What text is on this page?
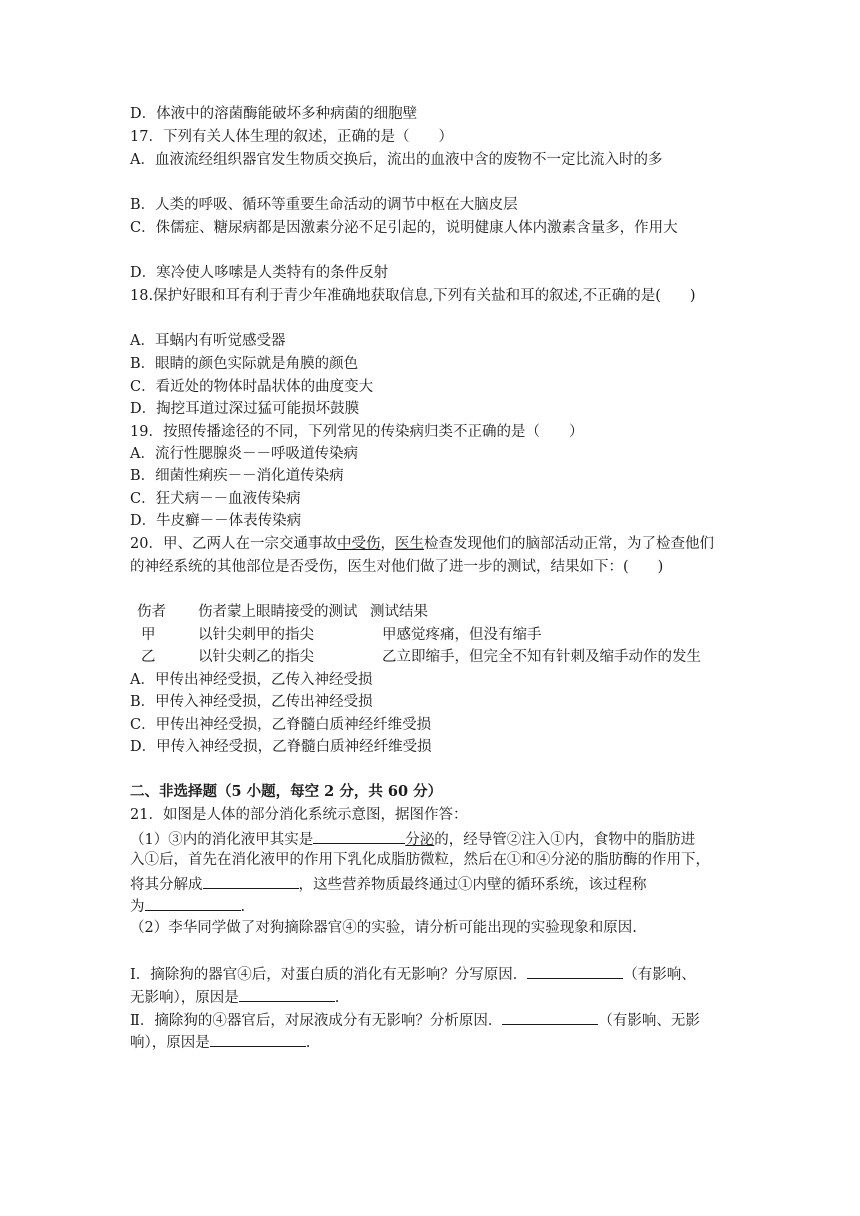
D．体液中的溶菌酶能破坏多种病菌的细胞壁
17．下列有关人体生理的叙述，正确的是（　　）
A．血液流经组织器官发生物质交换后，流出的血液中含的废物不一定比流入时的多
B．人类的呼吸、循环等重要生命活动的调节中枢在大脑皮层
C．侏儒症、糖尿病都是因激素分泌不足引起的，说明健康人体内激素含量多，作用大
D．寒冷使人哆嗦是人类特有的条件反射
18.保护好眼和耳有利于青少年准确地获取信息,下列有关盐和耳的叙述,不正确的是(　　)
A．耳蜗内有听觉感受器
B．眼睛的颜色实际就是角膜的颜色
C．看近处的物体时晶状体的曲度变大
D．掏挖耳道过深过猛可能损坏鼓膜
19．按照传播途径的不同，下列常见的传染病归类不正确的是（　　）
A．流行性腮腺炎－－呼吸道传染病
B．细菌性痢疾－－消化道传染病
C．狂犬病－－血液传染病
D．牛皮癣－－体表传染病
20．甲、乙两人在一宗交通事故中受伤，医生检查发现他们的脑部活动正常，为了检查他们
的神经系统的其他部位是否受伤，医生对他们做了进一步的测试，结果如下：(　　)
伤者 伤者蒙上眼睛接受的测试 测试结果
甲	以针尖刺甲的指尖	甲感觉疼痛，但没有缩手
乙	以针尖刺乙的指尖	乙立即缩手，但完全不知有针刺及缩手动作的发生
A．甲传出神经受损，乙传入神经受损
B．甲传入神经受损，乙传出神经受损
C．甲传出神经受损，乙脊髓白质神经纤维受损
D．甲传入神经受损，乙脊髓白质神经纤维受损
二、非选择题（5 小题，每空 2 分，共 60 分）
21．如图是人体的部分消化系统示意图，据图作答：
（1）③内的消化液甲其实是	分泌的，经导管②注入①内，食物中的脂肪进
入①后，首先在消化液甲的作用下乳化成脂肪微粒，然后在①和④分泌的脂肪酶的作用下，
将其分解成	，这些营养物质最终通过①内壁的循环系统，该过程称
为	.
（2）李华同学做了对狗摘除器官④的实验，请分析可能出现的实验现象和原因.
Ⅰ．摘除狗的器官④后，对蛋白质的消化有无影响？分写原因．	（有影响、
无影响），原因是	.
Ⅱ．摘除狗的④器官后，对尿液成分有无影响？分析原因．	（有影响、无影
响），原因是	.
